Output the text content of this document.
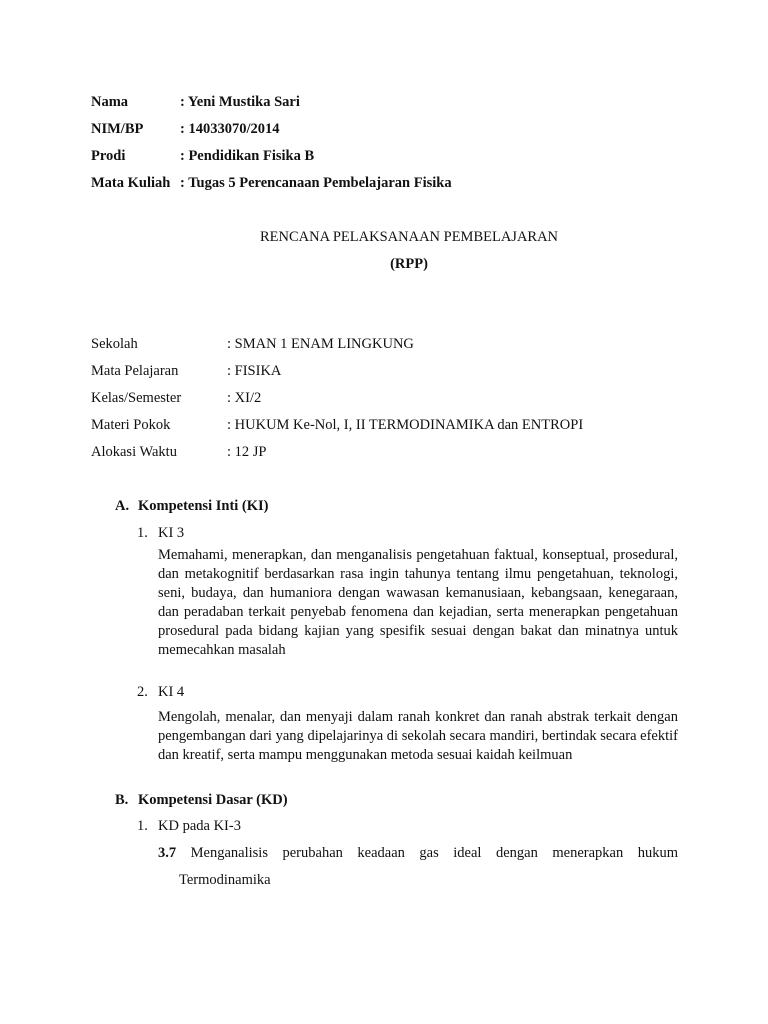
Nama	: Yeni Mustika Sari
NIM/BP	: 14033070/2014
Prodi	: Pendidikan Fisika B
Mata Kuliah : Tugas 5 Perencanaan Pembelajaran Fisika
RENCANA PELAKSANAAN PEMBELAJARAN
(RPP)
Sekolah	: SMAN 1 ENAM LINGKUNG
Mata Pelajaran	: FISIKA
Kelas/Semester	: XI/2
Materi Pokok	: HUKUM Ke-Nol, I, II TERMODINAMIKA dan ENTROPI
Alokasi Waktu	: 12 JP
A. Kompetensi Inti (KI)
1. KI 3
Memahami, menerapkan, dan menganalisis pengetahuan faktual, konseptual, prosedural, dan metakognitif berdasarkan rasa ingin tahunya tentang ilmu pengetahuan, teknologi, seni, budaya, dan humaniora dengan wawasan kemanusiaan, kebangsaan, kenegaraan, dan peradaban terkait penyebab fenomena dan kejadian, serta menerapkan pengetahuan prosedural pada bidang kajian yang spesifik sesuai dengan bakat dan minatnya untuk memecahkan masalah
2. KI 4
Mengolah, menalar, dan menyaji dalam ranah konkret dan ranah abstrak terkait dengan pengembangan dari yang dipelajarinya di sekolah secara mandiri, bertindak secara efektif dan kreatif, serta mampu menggunakan metoda sesuai kaidah keilmuan
B. Kompetensi Dasar (KD)
1. KD pada KI-3
3.7 Menganalisis perubahan keadaan gas ideal dengan menerapkan hukum
Termodinamika
